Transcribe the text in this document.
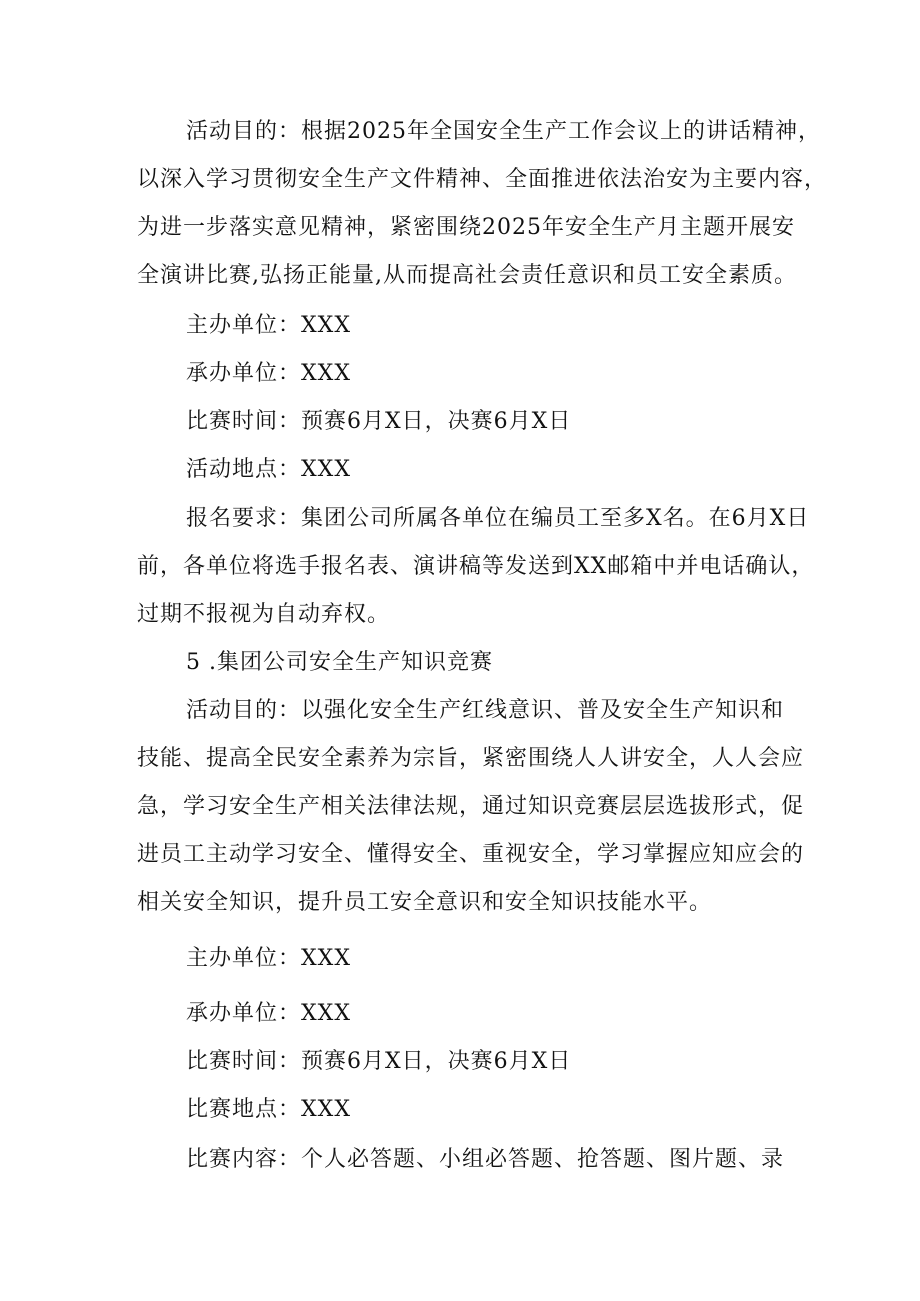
活动目的：根据2025年全国安全生产工作会议上的讲话精神，
以深入学习贯彻安全生产文件精神、全面推进依法治安为主要内容，
为进一步落实意见精神，紧密围绕2025年安全生产月主题开展安
全演讲比赛,弘扬正能量,从而提高社会责任意识和员工安全素质。
主办单位：XXX
承办单位：XXX
比赛时间：预赛6月X日，决赛6月X日
活动地点：XXX
报名要求：集团公司所属各单位在编员工至多X名。在6月X日
前，各单位将选手报名表、演讲稿等发送到XX邮箱中并电话确认，
过期不报视为自动弃权。
5 .集团公司安全生产知识竞赛
活动目的：以强化安全生产红线意识、普及安全生产知识和
技能、提高全民安全素养为宗旨，紧密围绕人人讲安全，人人会应
急，学习安全生产相关法律法规，通过知识竞赛层层选拔形式，促
进员工主动学习安全、懂得安全、重视安全，学习掌握应知应会的
相关安全知识，提升员工安全意识和安全知识技能水平。
主办单位：XXX
承办单位：XXX
比赛时间：预赛6月X日，决赛6月X日
比赛地点：XXX
比赛内容：个人必答题、小组必答题、抢答题、图片题、录
